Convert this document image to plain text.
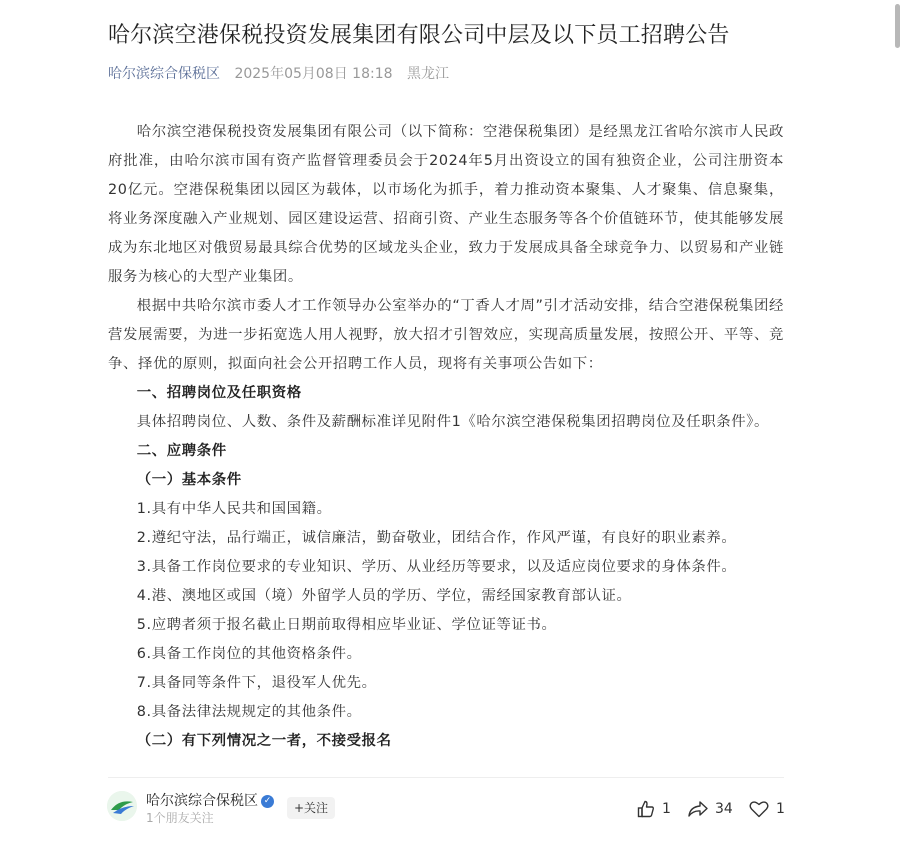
哈尔滨空港保税投资发展集团有限公司中层及以下员工招聘公告
哈尔滨综合保税区 2025年05月08日 18:18 黑龙江

哈尔滨空港保税投资发展集团有限公司（以下简称：空港保税集团）是经黑龙江省哈尔滨市人民政府批准，由哈尔滨市国有资产监督管理委员会于2024年5月出资设立的国有独资企业，公司注册资本20亿元。空港保税集团以园区为载体，以市场化为抓手，着力推动资本聚集、人才聚集、信息聚集，将业务深度融入产业规划、园区建设运营、招商引资、产业生态服务等各个价值链环节，使其能够发展成为东北地区对俄贸易最具综合优势的区域龙头企业，致力于发展成具备全球竞争力、以贸易和产业链服务为核心的大型产业集团。

根据中共哈尔滨市委人才工作领导办公室举办的“丁香人才周”引才活动安排，结合空港保税集团经营发展需要，为进一步拓宽选人用人视野，放大招才引智效应，实现高质量发展，按照公开、平等、竞争、择优的原则，拟面向社会公开招聘工作人员，现将有关事项公告如下：

一、招聘岗位及任职资格

具体招聘岗位、人数、条件及薪酬标准详见附件1《哈尔滨空港保税集团招聘岗位及任职条件》。

二、应聘条件

（一）基本条件

1.具有中华人民共和国国籍。

2.遵纪守法，品行端正，诚信廉洁，勤奋敬业，团结合作，作风严谨，有良好的职业素养。

3.具备工作岗位要求的专业知识、学历、从业经历等要求，以及适应岗位要求的身体条件。

4.港、澳地区或国（境）外留学人员的学历、学位，需经国家教育部认证。

5.应聘者须于报名截止日期前取得相应毕业证、学位证等证书。

6.具备工作岗位的其他资格条件。

7.具备同等条件下，退役军人优先。

8.具备法律法规规定的其他条件。

（二）有下列情况之一者，不接受报名

哈尔滨综合保税区 ✓
1个朋友关注
+关注	1	34	1
